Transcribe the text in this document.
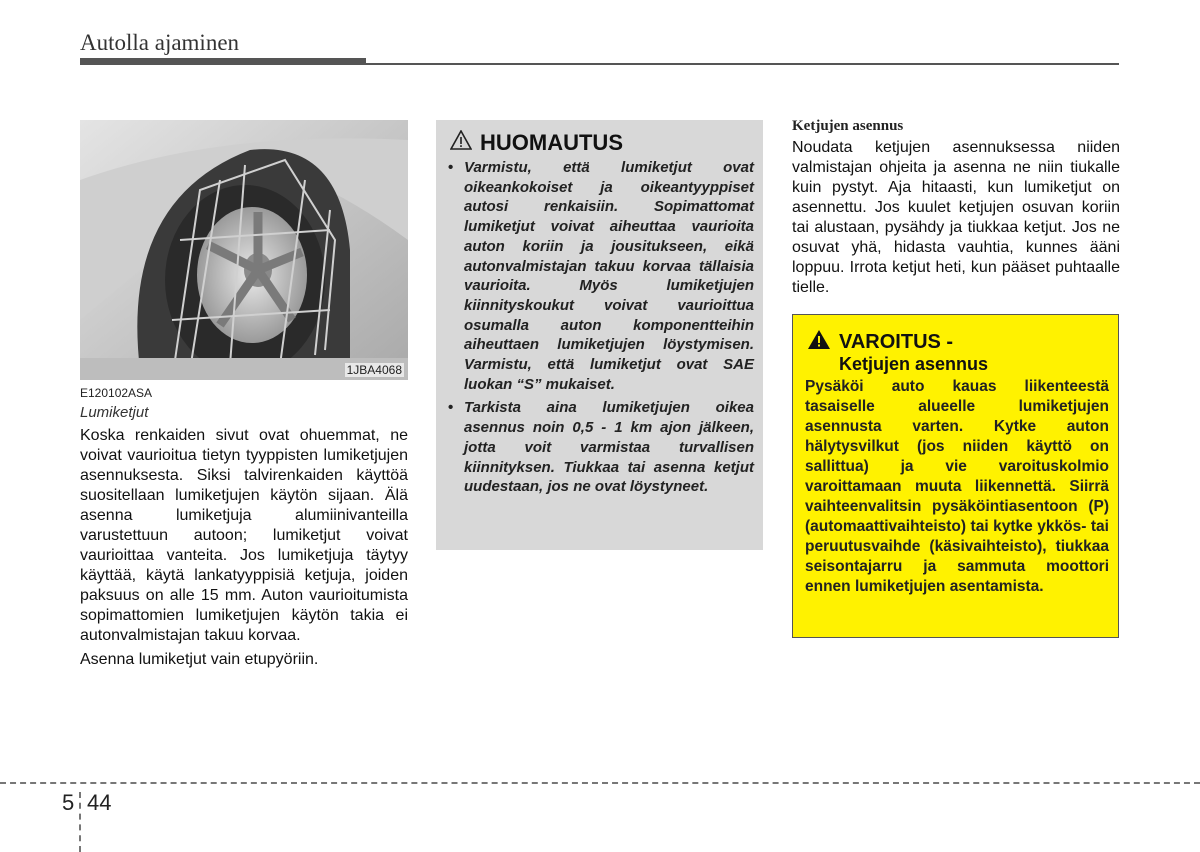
Autolla ajaminen
1JBA4068
E120102ASA
Lumiketjut

Koska renkaiden sivut ovat ohuemmat, ne voivat vaurioitua tietyn tyyppisten lumiketjujen asennuksesta. Siksi talvirenkaiden käyttöä suositellaan lumiketjujen käytön sijaan. Älä asenna lumiketjuja alumiinivanteilla varustettuun autoon; lumiketjut voivat vaurioittaa vanteita. Jos lumiketjuja täytyy käyttää, käytä lankatyyppisiä ketjuja, joiden paksuus on alle 15 mm. Auton vaurioitumista sopimattomien lumiketjujen käytön takia ei autonvalmistajan takuu korvaa.

Asenna lumiketjut vain etupyöriin.

HUOMAUTUS
• Varmistu, että lumiketjut ovat oikeankokoiset ja oikeantyyppiset autosi renkaisiin. Sopimattomat lumiketjut voivat aiheuttaa vaurioita auton koriin ja jousitukseen, eikä autonvalmistajan takuu korvaa tällaisia vaurioita. Myös lumiketjujen kiinnityskoukut voivat vaurioittua osumalla auton komponentteihin aiheuttaen lumiketjujen löystymisen. Varmistu, että lumiketjut ovat SAE luokan “S” mukaiset.
• Tarkista aina lumiketjujen oikea asennus noin 0,5 - 1 km ajon jälkeen, jotta voit varmistaa turvallisen kiinnityksen. Tiukkaa tai asenna ketjut uudestaan, jos ne ovat löystyneet.
Ketjujen asennus
Noudata ketjujen asennuksessa niiden valmistajan ohjeita ja asenna ne niin tiukalle kuin pystyt. Aja hitaasti, kun lumiketjut on asennettu. Jos kuulet ketjujen osuvan koriin tai alustaan, pysähdy ja tiukkaa ketjut. Jos ne osuvat yhä, hidasta vauhtia, kunnes ääni loppuu. Irrota ketjut heti, kun pääset puhtaalle tielle.
VAROITUS -
Ketjujen asennus
Pysäköi auto kauas liikenteestä tasaiselle alueelle lumiketjujen asennusta varten. Kytke auton hälytysvilkut (jos niiden käyttö on sallittua) ja vie varoituskolmio varoittamaan muuta liikennettä. Siirrä vaihteenvalitsin pysäköintiasentoon (P) (automaattivaihteisto) tai kytke ykkös- tai peruutusvaihde (käsivaihteisto), tiukkaa seisontajarru ja sammuta moottori ennen lumiketjujen asentamista.
5 44
